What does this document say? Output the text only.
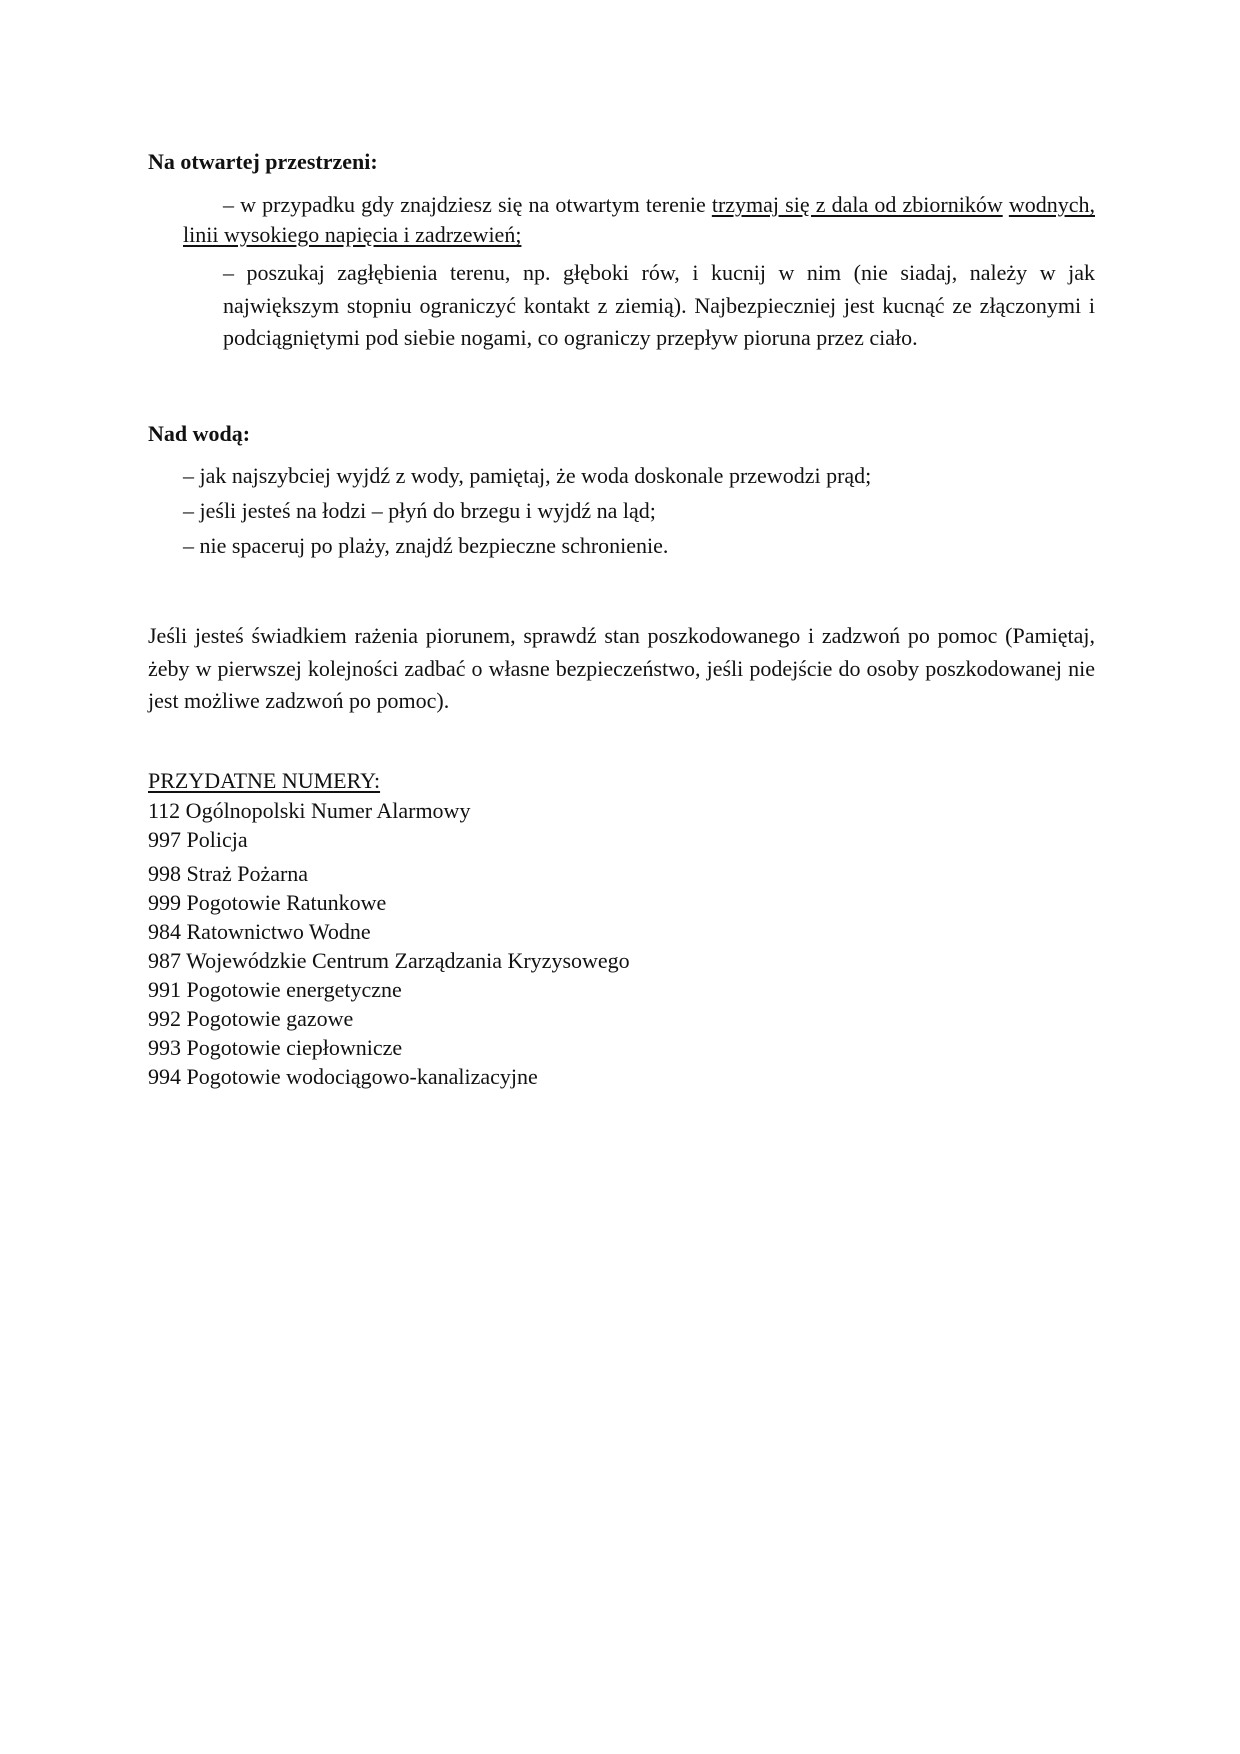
Na otwartej przestrzeni:
– w przypadku gdy znajdziesz się na otwartym terenie trzymaj się z dala od zbiorników wodnych, linii wysokiego napięcia i zadrzewień;
– poszukaj zagłębienia terenu, np. głęboki rów, i kucnij w nim (nie siadaj, należy w jak największym stopniu ograniczyć kontakt z ziemią). Najbezpieczniej jest kucnąć ze złączonymi i podciągniętymi pod siebie nogami, co ograniczy przepływ pioruna przez ciało.
Nad wodą:
– jak najszybciej wyjdź z wody, pamiętaj, że woda doskonale przewodzi prąd;
– jeśli jesteś na łodzi – płyń do brzegu i wyjdź na ląd;
– nie spaceruj po plaży, znajdź bezpieczne schronienie.
Jeśli jesteś świadkiem rażenia piorunem, sprawdź stan poszkodowanego i zadzwoń po pomoc (Pamiętaj, żeby w pierwszej kolejności zadbać o własne bezpieczeństwo, jeśli podejście do osoby poszkodowanej nie jest możliwe zadzwoń po pomoc).
PRZYDATNE NUMERY:
112 Ogólnopolski Numer Alarmowy
997 Policja
998 Straż Pożarna
999 Pogotowie Ratunkowe
984 Ratownictwo Wodne
987 Wojewódzkie Centrum Zarządzania Kryzysowego
991 Pogotowie energetyczne
992 Pogotowie gazowe
993 Pogotowie ciepłownicze
994 Pogotowie wodociągowo-kanalizacyjne
